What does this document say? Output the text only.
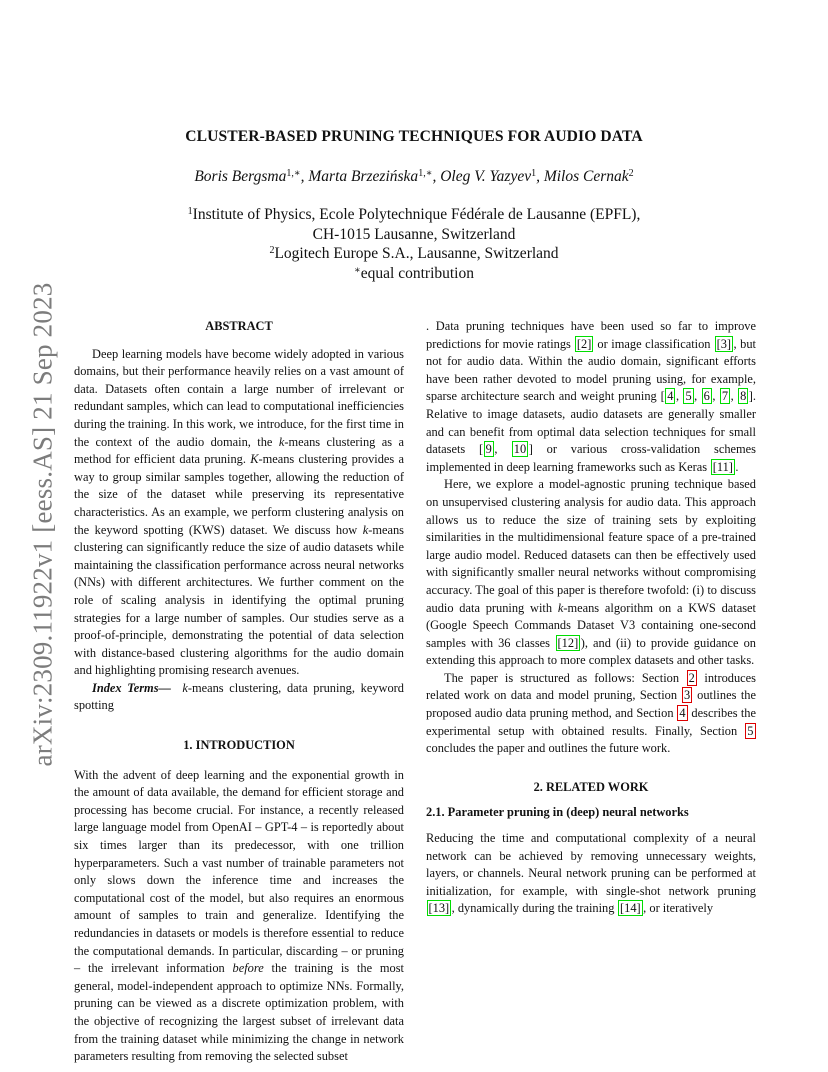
arXiv:2309.11922v1 [eess.AS] 21 Sep 2023
CLUSTER-BASED PRUNING TECHNIQUES FOR AUDIO DATA
Boris Bergsma$^{1,∗}$, Marta Brzezińska$^{1,∗}$, Oleg V. Yazyev$^1$, Milos Cernak$^2$
$^1$Institute of Physics, Ecole Polytechnique Fédérale de Lausanne (EPFL),
CH-1015 Lausanne, Switzerland
$^2$Logitech Europe S.A., Lausanne, Switzerland
∗equal contribution
ABSTRACT

Deep learning models have become widely adopted in various domains, but their performance heavily relies on a vast amount of data. Datasets often contain a large number of irrelevant or redundant samples, which can lead to computational inefficiencies during the training. In this work, we introduce, for the first time in the context of the audio domain, the k-means clustering as a method for efficient data pruning. K-means clustering provides a way to group similar samples together, allowing the reduction of the size of the dataset while preserving its representative characteristics. As an example, we perform clustering analysis on the keyword spotting (KWS) dataset. We discuss how k-means clustering can significantly reduce the size of audio datasets while maintaining the classification performance across neural networks (NNs) with different architectures. We further comment on the role of scaling analysis in identifying the optimal pruning strategies for a large number of samples. Our studies serve as a proof-of-principle, demonstrating the potential of data selection with distance-based clustering algorithms for the audio domain and highlighting promising research avenues.

Index Terms— k-means clustering, data pruning, keyword spotting

1. INTRODUCTION

With the advent of deep learning and the exponential growth in the amount of data available, the demand for efficient storage and processing has become crucial. For instance, a recently released large language model from OpenAI – GPT-4 – is reportedly about six times larger than its predecessor, with one trillion hyperparameters. Such a vast number of trainable parameters not only slows down the inference time and increases the computational cost of the model, but also requires an enormous amount of samples to train and generalize. Identifying the redundancies in datasets or models is therefore essential to reduce the computational demands. In particular, discarding – or pruning – the irrelevant information before the training is the most general, model-independent approach to optimize NNs. Formally, pruning can be viewed as a discrete optimization problem, with the objective of recognizing the largest subset of irrelevant data from the training dataset while minimizing the change in network parameters resulting from removing the selected subset

. Data pruning techniques have been used so far to improve predictions for movie ratings [2] or image classification [3] , but not for audio data. Within the audio domain, significant efforts have been rather devoted to model pruning using, for example, sparse architecture search and weight pruning [ 4 , 5 , 6 , 7 , 8 ]. Relative to image datasets, audio datasets are generally smaller and can benefit from optimal data selection techniques for small datasets [ 9 , 10 ] or various cross-validation schemes implemented in deep learning frameworks such as Keras [11] .

Here, we explore a model-agnostic pruning technique based on unsupervised clustering analysis for audio data. This approach allows us to reduce the size of training sets by exploiting similarities in the multidimensional feature space of a pre-trained large audio model. Reduced datasets can then be effectively used with significantly smaller neural networks without compromising accuracy. The goal of this paper is therefore twofold: (i) to discuss audio data pruning with k-means algorithm on a KWS dataset (Google Speech Commands Dataset V3 containing one-second samples with 36 classes [12] ), and (ii) to provide guidance on extending this approach to more complex datasets and other tasks.

The paper is structured as follows: Section 2 introduces related work on data and model pruning, Section 3 outlines the proposed audio data pruning method, and Section 4 describes the experimental setup with obtained results. Finally, Section 5 concludes the paper and outlines the future work.

2. RELATED WORK
2.1. Parameter pruning in (deep) neural networks

Reducing the time and computational complexity of a neural network can be achieved by removing unnecessary weights, layers, or channels. Neural network pruning can be performed at initialization, for example, with single-shot network pruning [13] , dynamically during the training [14] , or iteratively
